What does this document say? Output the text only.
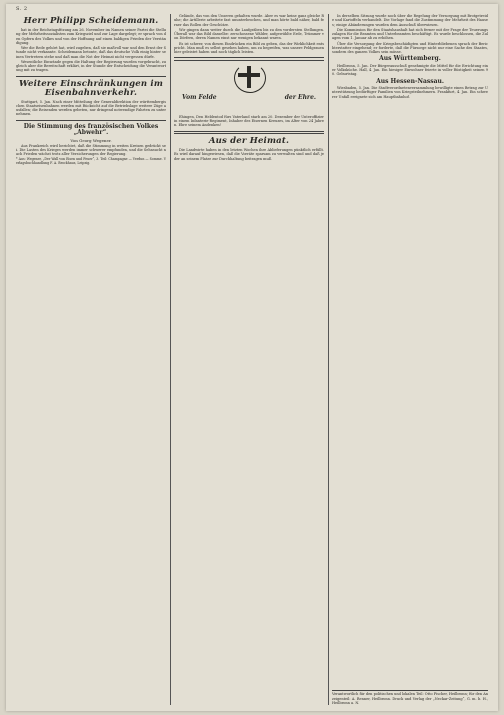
S. 2
Herr Philipp Scheidemann.

hat in der Reichstagsfitzung am 26. November im Namen seiner Partei die Stellung der Mehrheitssozialisten zum Kriegsziel und zur Lage dargelegt; er sprach von den Opfern des Volkes und von der Hoffnung auf einen baldigen Frieden der Verständigung.

Wer die Rede gehört hat, wird zugeben, daß sie maßvoll war und den Ernst der Stunde nicht verkannte. Scheidemann betonte, daß das deutsche Volk einig hinter seinen Vertretern stehe und daß man die Not der Heimat nicht vergessen dürfe.

Wesentliche Einwände gegen die Haltung der Regierung wurden vorgebracht, zugleich aber die Bereitschaft erklärt, in der Stunde der Entscheidung die Verantwortung mit zu tragen.

Weitere Einschränkungen im Eisenbahnverkehr.

Stuttgart, 5. Jan. Nach einer Mitteilung der Generaldirektion der württembergischen Staatseisenbahnen werden mit Rücksicht auf die Betriebslage weitere Züge ausfallen; die Reisenden werden gebeten, nur dringend notwendige Fahrten zu unternehmen.

Die Stimmung des französischen Volkes „Abwehr“.
Von Georg Wegener.

Aus Frankreich wird berichtet, daß die Stimmung in weiten Kreisen gedrückt sei. Die Lasten des Krieges werden immer schwerer empfunden, und die Sehnsucht nach Frieden wächst trotz aller Versicherungen der Regierung.

* Aus: Wegener, „Der Wall von Eisen und Feuer“, 3. Teil: Champagne — Verdun — Somme. Verlagsbuchhandlung F. A. Brockhaus, Leipzig.

Gelände, das von den Unseren gehalten wurde. Aber es war keine ganz gleiche Ruhe; die Artillerie arbeitete fast ununterbrochen, und man hörte bald näher, bald ferner das Rollen der Geschütze.

Wir gingen dann weiter durch die Laufgräben bis zu den vordersten Stellungen. Überall war das Bild dasselbe: zerschossene Wälder, aufgewühlte Erde, Trümmer von Dörfern, deren Namen einst nur wenigen bekannt waren.

Es ist schwer, von diesen Eindrücken ein Bild zu geben, das der Wirklichkeit entspricht. Man muß es selbst gesehen haben, um zu begreifen, was unsere Feldgrauen hier geleistet haben und noch täglich leisten.

Vom Felde	der Ehre.

Ehingen, Den Heldentod fürs Vaterland starb am 20. Dezember der Unteroffizier in einem Infanterie-Regiment, Inhaber des Eisernen Kreuzes, im Alter von 24 Jahren. Ehre seinem Andenken!

Aus der Heimat.

Die Landwirte haben in den letzten Wochen ihre Ablieferungen pünktlich erfüllt. Es wird darauf hingewiesen, daß die Vorräte sparsam zu verwalten sind und daß jeder an seinem Platze zur Durchhaltung beitragen muß.

In derselben Sitzung wurde noch über die Regelung der Versorgung mit Brotgetreide und Kartoffeln verhandelt. Die Vorlage fand die Zustimmung der Mehrheit des Hauses; einige Abänderungen wurden dem Ausschuß überwiesen.

Die Kommission für den Staatshaushalt hat sich ferner mit der Frage der Teuerungszulagen für die Beamten und Unterbeamten beschäftigt. Es wurde beschlossen, die Zulagen vom 1. Januar ab zu erhöhen.

Über die Versorgung der Kriegsbeschädigten und Hinterbliebenen sprach der Berichterstatter eingehend; er forderte, daß die Fürsorge nicht nur eine Sache des Staates, sondern des ganzen Volkes sein müsse.

Aus Württemberg.

Heilbronn, 5. Jan. Der Bürgerausschuß genehmigte die Mittel für die Errichtung einer Volksküche. Hall, 4. Jan. Ein hiesiger Einwohner feierte in voller Rüstigkeit seinen 90. Geburtstag.

Aus Hessen-Nassau.

Wiesbaden, 5. Jan. Die Stadtverordnetenversammlung bewilligte einen Betrag zur Unterstützung bedürftiger Familien von Kriegsteilnehmern. Frankfurt, 4. Jan. Ein schwerer Unfall ereignete sich am Hauptbahnhof.

Verantwortlich für den politischen und lokalen Teil: Otto Fischer, Heilbronn; für den Anzeigenteil: A. Renner, Heilbronn. Druck und Verlag der „Neckar-Zeitung“, G. m. b. H., Heilbronn a. N.
